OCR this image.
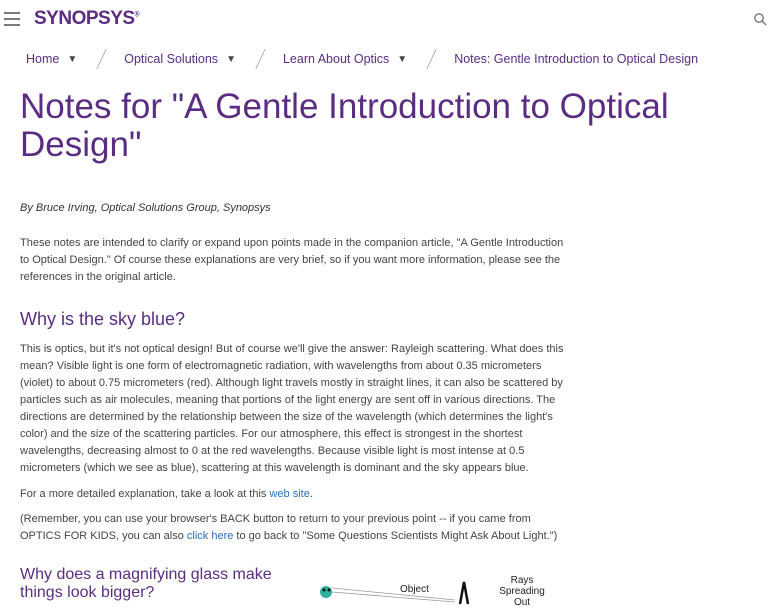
SYNOPSYS®
Home ▼	Optical Solutions ▼	Learn About Optics ▼	Notes: Gentle Introduction to Optical Design
Notes for "A Gentle Introduction to Optical Design"
By Bruce Irving, Optical Solutions Group, Synopsys

These notes are intended to clarify or expand upon points made in the companion article, "A Gentle Introduction to Optical Design." Of course these explanations are very brief, so if you want more information, please see the references in the original article.

Why is the sky blue?

This is optics, but it's not optical design! But of course we'll give the answer: Rayleigh scattering. What does this mean? Visible light is one form of electromagnetic radiation, with wavelengths from about 0.35 micrometers (violet) to about 0.75 micrometers (red). Although light travels mostly in straight lines, it can also be scattered by particles such as air molecules, meaning that portions of the light energy are sent off in various directions. The directions are determined by the relationship between the size of the wavelength (which determines the light's color) and the size of the scattering particles. For our atmosphere, this effect is strongest in the shortest wavelengths, decreasing almost to 0 at the red wavelengths. Because visible light is most intense at 0.5 micrometers (which we see as blue), scattering at this wavelength is dominant and the sky appears blue.

For a more detailed explanation, take a look at this web site.

(Remember, you can use your browser's BACK button to return to your previous point -- if you came from OPTICS FOR KIDS, you can also click here to go back to "Some Questions Scientists Might Ask About Light.")

Why does a magnifying glass make things look bigger?	Object
Rays Spreading Out
